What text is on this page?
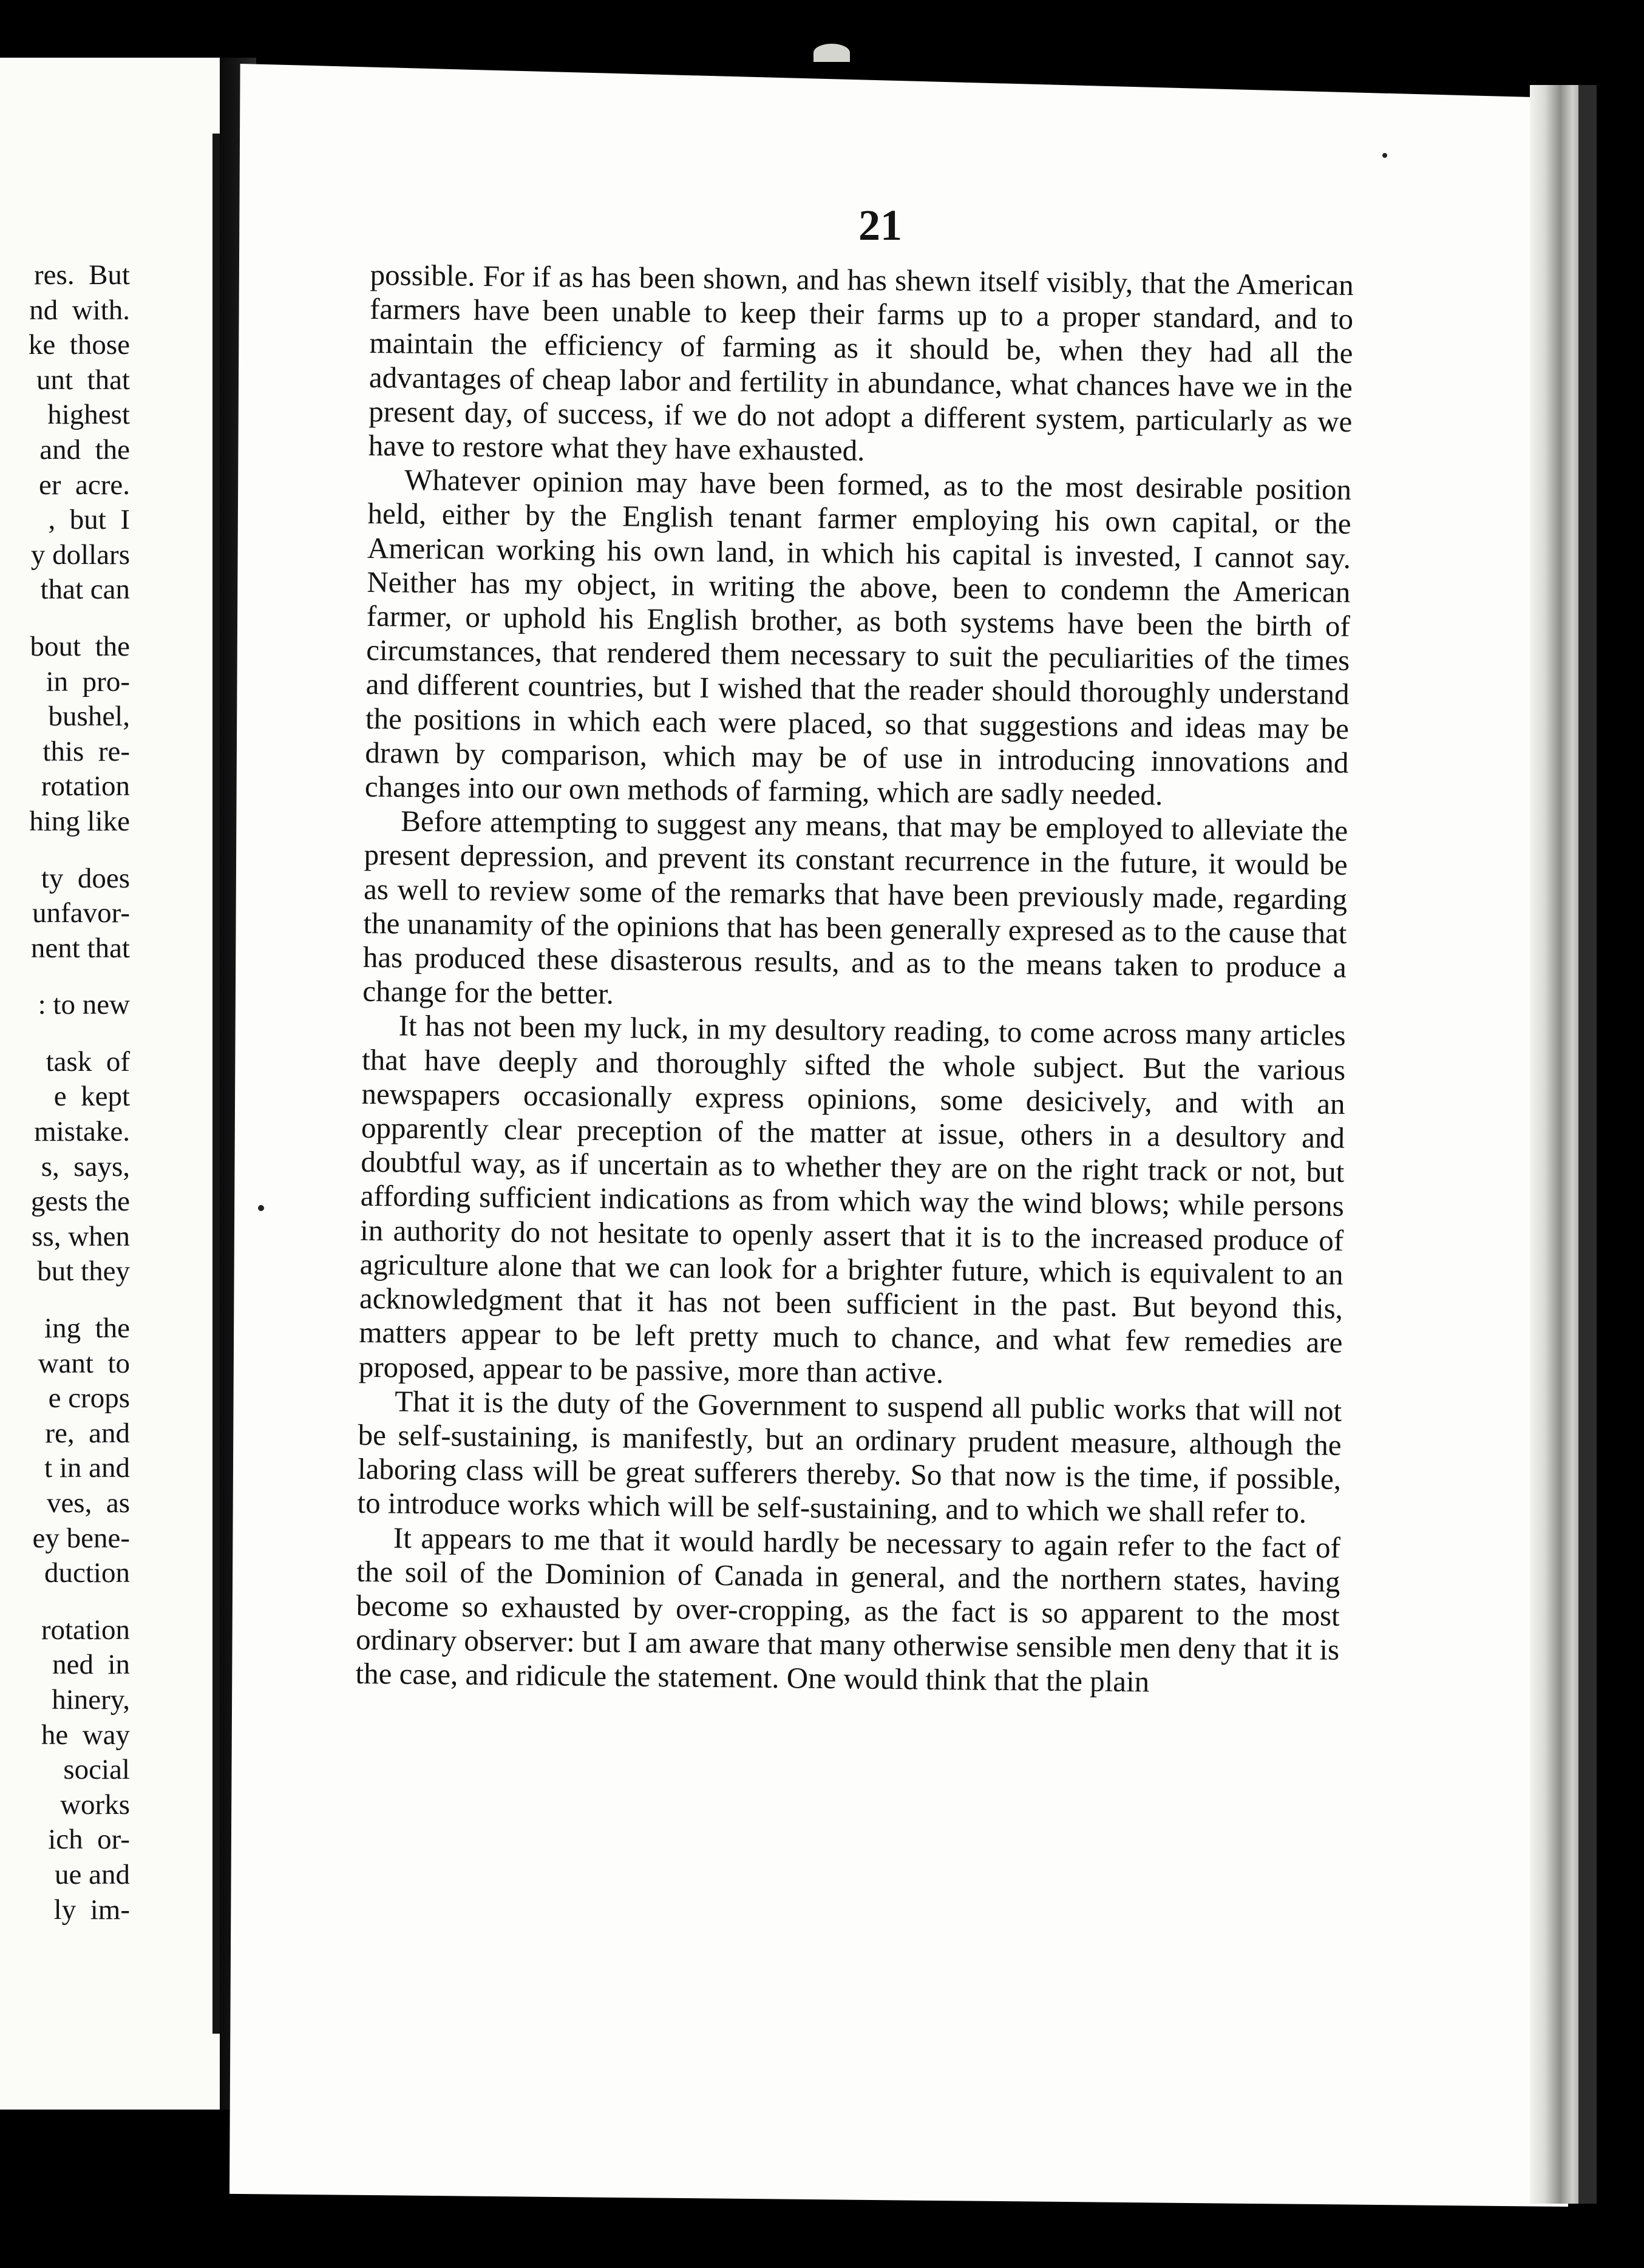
res.  But
nd  with.
ke  those
unt  that
highest
and  the
er  acre.
,  but  I
y dollars
that can
bout  the
in  pro-
bushel,
this  re-
rotation
hing like
ty  does
unfavor-
nent that
: to new
task  of
e  kept
mistake.
s,  says,
gests the
ss, when
but they
ing  the
want  to
e crops
re,  and
t in and
ves,  as
ey bene-
duction
rotation
ned  in
hinery,
he  way
social
works
ich  or-
ue and
ly  im-
21

possible. For if as has been shown, and has shewn itself visibly, that the American farmers have been unable to keep their farms up to a proper standard, and to maintain the efficiency of farming as it should be, when they had all the advantages of cheap labor and fertility in abundance, what chances have we in the present day, of success, if we do not adopt a different system, particularly as we have to restore what they have exhausted.

Whatever opinion may have been formed, as to the most desirable position held, either by the English tenant farmer employing his own capital, or the American working his own land, in which his capital is invested, I cannot say. Neither has my object, in writing the above, been to condemn the American farmer, or uphold his English brother, as both systems have been the birth of circumstances, that rendered them necessary to suit the peculiarities of the times and different countries, but I wished that the reader should thoroughly understand the positions in which each were placed, so that suggestions and ideas may be drawn by comparison, which may be of use in introducing innovations and changes into our own methods of farming, which are sadly needed.

Before attempting to suggest any means, that may be employed to alleviate the present depression, and prevent its constant recurrence in the future, it would be as well to review some of the remarks that have been previously made, regarding the unanamity of the opinions that has been generally expresed as to the cause that has produced these disasterous results, and as to the means taken to produce a change for the better.

It has not been my luck, in my desultory reading, to come across many articles that have deeply and thoroughly sifted the whole subject. But the various newspapers occasionally express opinions, some desicively, and with an opparently clear preception of the matter at issue, others in a desultory and doubtful way, as if uncertain as to whether they are on the right track or not, but affording sufficient indications as from which way the wind blows; while persons in authority do not hesitate to openly assert that it is to the increased produce of agriculture alone that we can look for a brighter future, which is equivalent to an acknowledgment that it has not been sufficient in the past. But beyond this, matters appear to be left pretty much to chance, and what few remedies are proposed, appear to be passive, more than active.

That it is the duty of the Government to suspend all public works that will not be self-sustaining, is manifestly, but an ordinary prudent measure, although the laboring class will be great sufferers thereby. So that now is the time, if possible, to introduce works which will be self-sustaining, and to which we shall refer to.

It appears to me that it would hardly be necessary to again refer to the fact of the soil of the Dominion of Canada in general, and the northern states, having become so exhausted by over-cropping, as the fact is so apparent to the most ordinary observer: but I am aware that many otherwise sensible men deny that it is the case, and ridicule the statement. One would think that the plain
